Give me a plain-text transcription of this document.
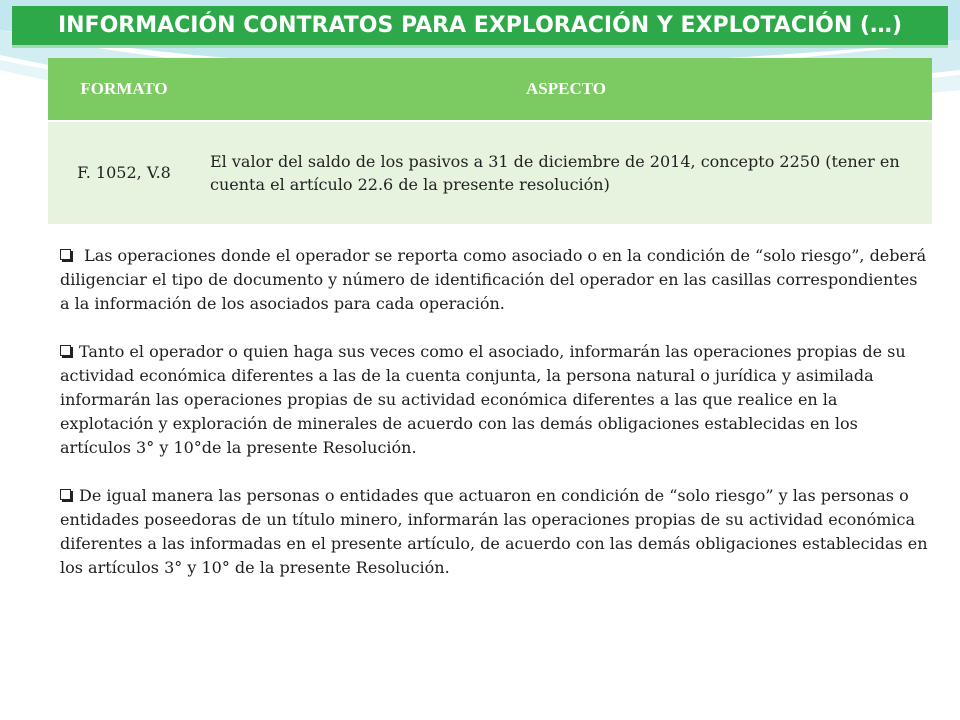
INFORMACIÓN CONTRATOS PARA EXPLORACIÓN Y EXPLOTACIÓN (…)
FORMATO	ASPECTO
F. 1052, V.8	El valor del saldo de los pasivos a 31 de diciembre de 2014, concepto 2250 (tener en cuenta el artículo 22.6 de la presente resolución)

Las operaciones donde el operador se reporta como asociado o en la condición de “solo riesgo”, deberá diligenciar el tipo de documento y número de identificación del operador en las casillas correspondientes a la información de los asociados para cada operación.

Tanto el operador o quien haga sus veces como el asociado, informarán las operaciones propias de su actividad económica diferentes a las de la cuenta conjunta, la persona natural o jurídica y asimilada informarán las operaciones propias de su actividad económica diferentes a las que realice en la explotación y exploración de minerales de acuerdo con las demás obligaciones establecidas en los artículos 3° y 10°de la presente Resolución.

De igual manera las personas o entidades que actuaron en condición de “solo riesgo” y las personas o entidades poseedoras de un título minero, informarán las operaciones propias de su actividad económica diferentes a las informadas en el presente artículo, de acuerdo con las demás obligaciones establecidas en los artículos 3° y 10° de la presente Resolución.
